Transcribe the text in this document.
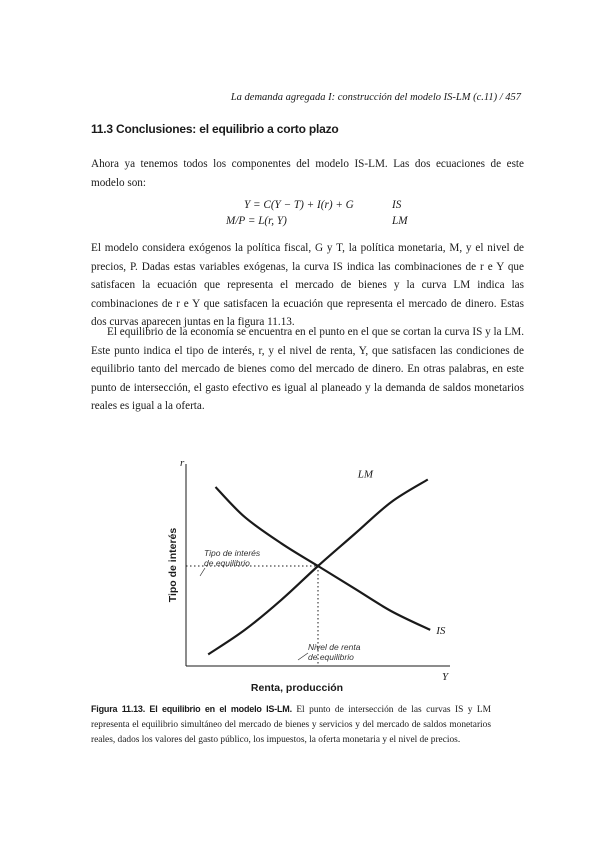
La demanda agregada I: construcción del modelo IS-LM (c.11) / 457
11.3 Conclusiones: el equilibrio a corto plazo

Ahora ya tenemos todos los componentes del modelo IS-LM. Las dos ecuaciones de este modelo son:

Y = C(Y − T) + I(r) + G	IS
M/P = L(r, Y)	LM

El modelo considera exógenos la política fiscal, G y T, la política monetaria, M, y el nivel de precios, P. Dadas estas variables exógenas, la curva IS indica las combinaciones de r e Y que satisfacen la ecuación que representa el mercado de bienes y la curva LM indica las combinaciones de r e Y que satisfacen la ecuación que representa el mercado de dinero. Estas dos curvas aparecen juntas en la figura 11.13.

El equilibrio de la economía se encuentra en el punto en el que se cortan la curva IS y la LM. Este punto indica el tipo de interés, r, y el nivel de renta, Y, que satisfacen las condiciones de equilibrio tanto del mercado de bienes como del mercado de dinero. En otras palabras, en este punto de intersección, el gasto efectivo es igual al planeado y la demanda de saldos monetarios reales es igual a la oferta.

r
Y
Tipo de interés
Renta, producción
LM
IS
Tipo de interés
de equilibrio
Nivel de renta
de equilibrio

Figura 11.13. El equilibrio en el modelo IS-LM. El punto de intersección de las curvas IS y LM representa el equilibrio simultáneo del mercado de bienes y servicios y del mercado de saldos monetarios reales, dados los valores del gasto público, los impuestos, la oferta monetaria y el nivel de precios.
